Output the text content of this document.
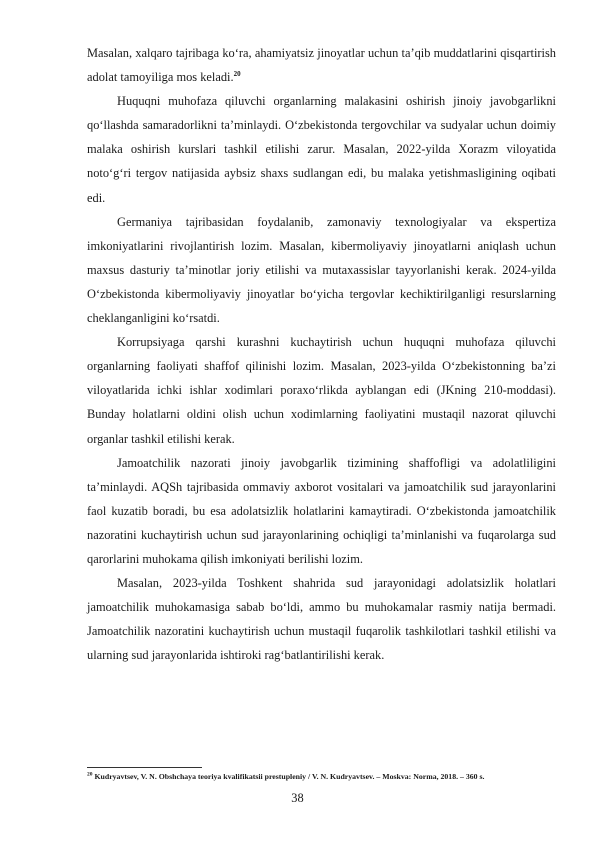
Masalan, xalqaro tajribaga ko‘ra, ahamiyatsiz jinoyatlar uchun ta’qib muddatlarini qisqartirish adolat tamoyiliga mos keladi.$^{20}$

Huquqni muhofaza qiluvchi organlarning malakasini oshirish jinoiy javobgarlikni qo‘llashda samaradorlikni ta’minlaydi. O‘zbekistonda tergovchilar va sudyalar uchun doimiy malaka oshirish kurslari tashkil etilishi zarur. Masalan, 2022-yilda Xorazm viloyatida noto‘g‘ri tergov natijasida aybsiz shaxs sudlangan edi, bu malaka yetishmasligining oqibati edi.

Germaniya tajribasidan foydalanib, zamonaviy texnologiyalar va ekspertiza imkoniyatlarini rivojlantirish lozim. Masalan, kibermoliyaviy jinoyatlarni aniqlash uchun maxsus dasturiy ta’minotlar joriy etilishi va mutaxassislar tayyorlanishi kerak. 2024-yilda O‘zbekistonda kibermoliyaviy jinoyatlar bo‘yicha tergovlar kechiktirilganligi resurslarning cheklanganligini ko‘rsatdi.

Korrupsiyaga qarshi kurashni kuchaytirish uchun huquqni muhofaza qiluvchi organlarning faoliyati shaffof qilinishi lozim. Masalan, 2023-yilda O‘zbekistonning ba’zi viloyatlarida ichki ishlar xodimlari poraxo‘rlikda ayblangan edi (JKning 210-moddasi). Bunday holatlarni oldini olish uchun xodimlarning faoliyatini mustaqil nazorat qiluvchi organlar tashkil etilishi kerak.

Jamoatchilik nazorati jinoiy javobgarlik tizimining shaffofligi va adolatliligini ta’minlaydi. AQSh tajribasida ommaviy axborot vositalari va jamoatchilik sud jarayonlarini faol kuzatib boradi, bu esa adolatsizlik holatlarini kamaytiradi. O‘zbekistonda jamoatchilik nazoratini kuchaytirish uchun sud jarayonlarining ochiqligi ta’minlanishi va fuqarolarga sud qarorlarini muhokama qilish imkoniyati berilishi lozim.

Masalan, 2023-yilda Toshkent shahrida sud jarayonidagi adolatsizlik holatlari jamoatchilik muhokamasiga sabab bo‘ldi, ammo bu muhokamalar rasmiy natija bermadi. Jamoatchilik nazoratini kuchaytirish uchun mustaqil fuqarolik tashkilotlari tashkil etilishi va ularning sud jarayonlarida ishtiroki rag‘batlantirilishi kerak.

$^{20}$ Kudryavtsev, V. N. Obshchaya teoriya kvalifikatsii prestupleniy / V. N. Kudryavtsev. – Moskva: Norma, 2018. – 360 s.
38
